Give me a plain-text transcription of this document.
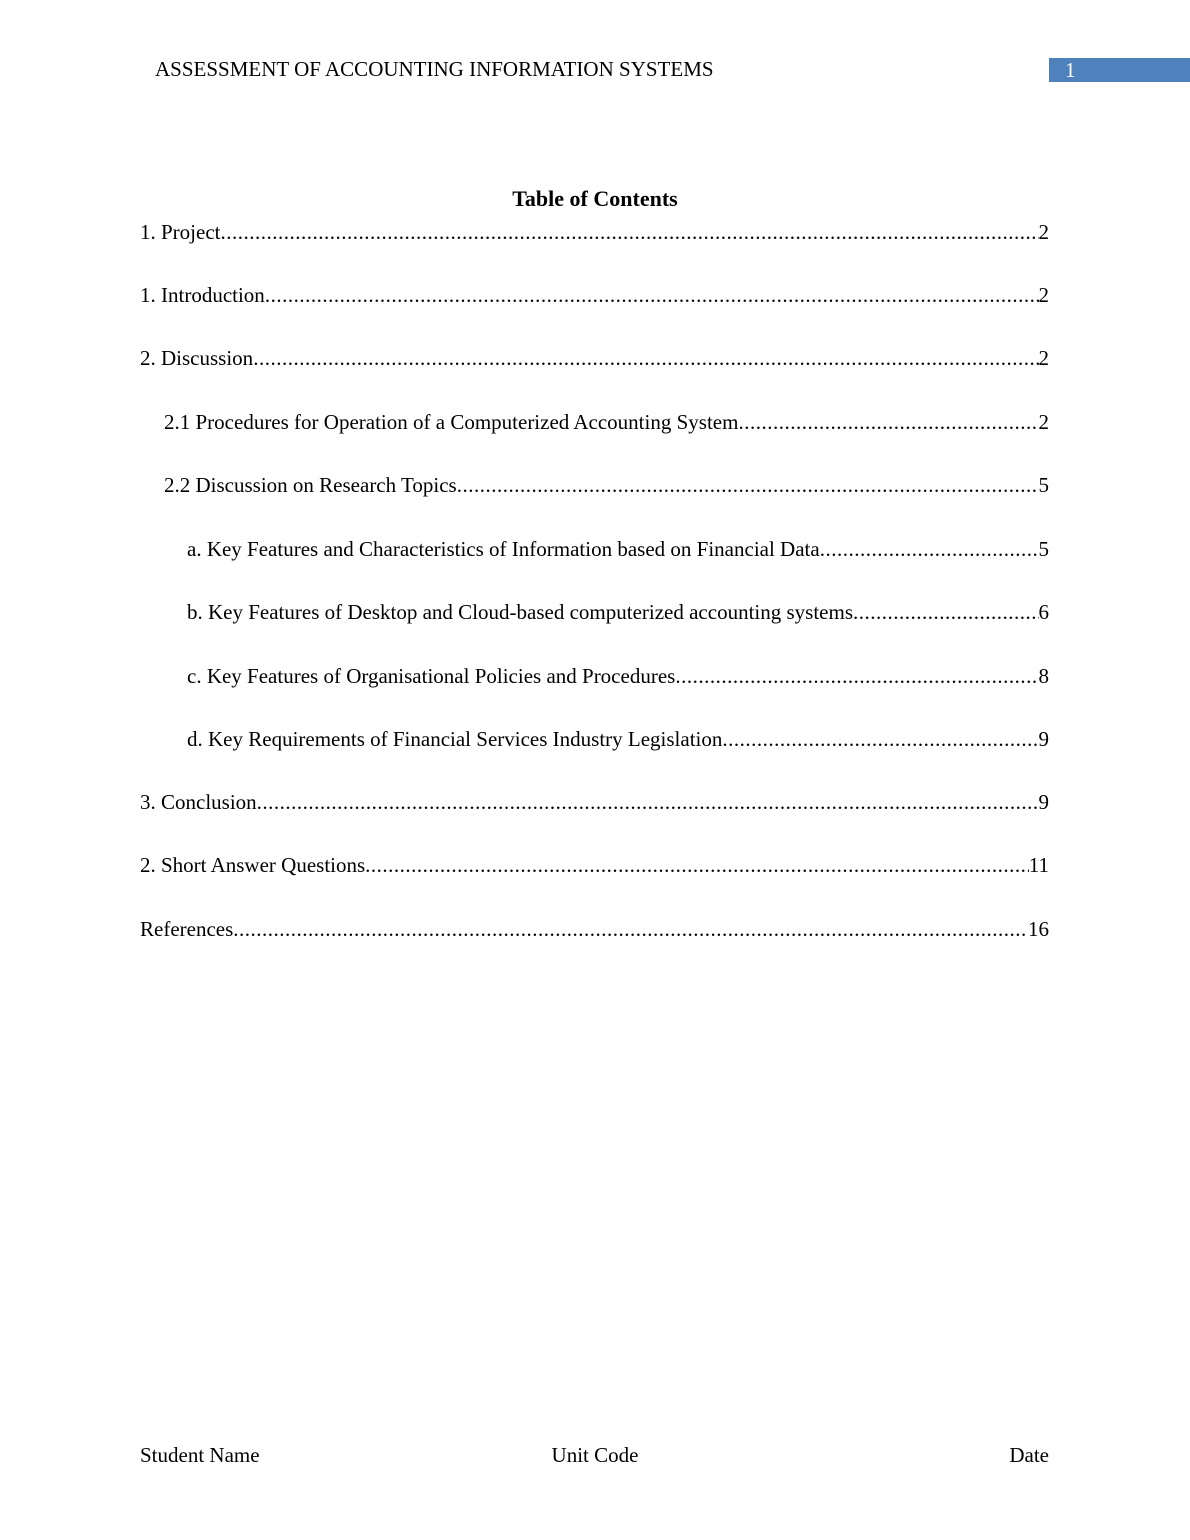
ASSESSMENT OF ACCOUNTING INFORMATION SYSTEMS	1
Table of Contents
1. Project .....	2
1. Introduction .....	2
2. Discussion .....	2
2.1 Procedures for Operation of a Computerized Accounting System .....	2
2.2 Discussion on Research Topics .....	5
a. Key Features and Characteristics of Information based on Financial Data .....	5
b. Key Features of Desktop and Cloud-based computerized accounting systems .....	6
c. Key Features of Organisational Policies and Procedures .....	8
d. Key Requirements of Financial Services Industry Legislation .....	9
3. Conclusion .....	9
2. Short Answer Questions .....	11
References .....	16
Student Name	Unit Code	Date
